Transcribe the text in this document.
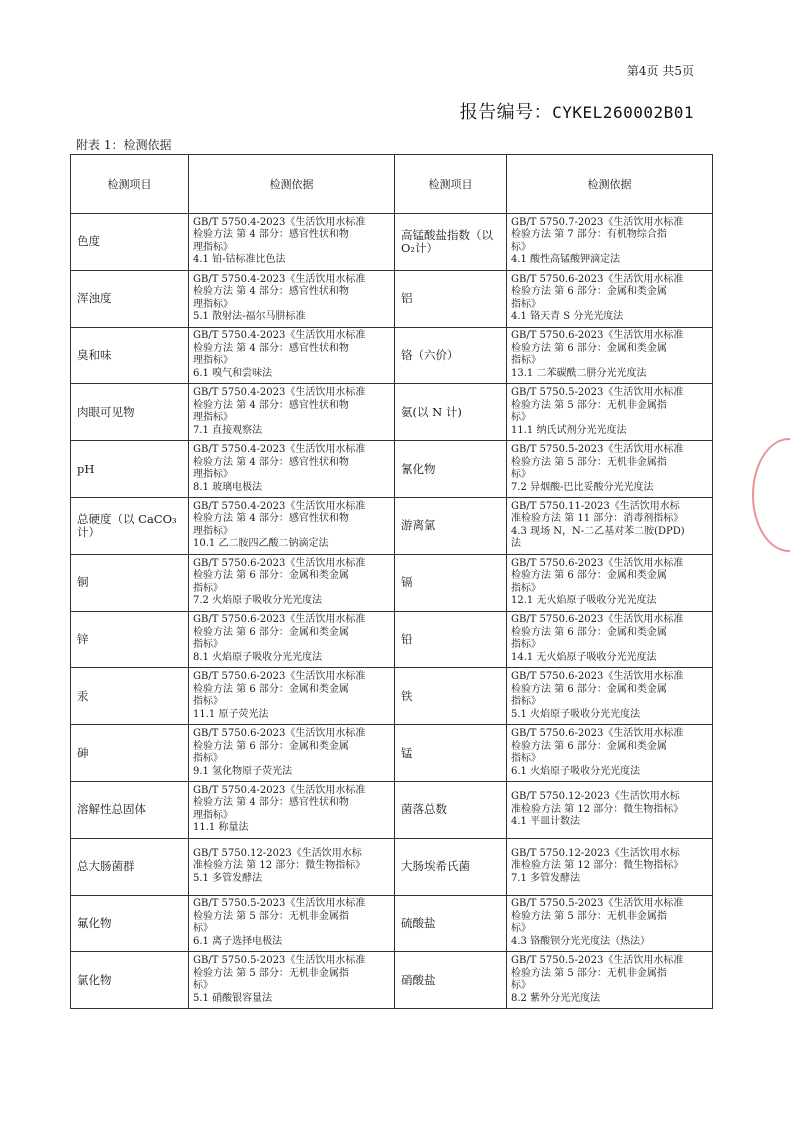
第4页 共5页
报告编号：CYKEL260002B01
附表 1：检测依据
检测项目	检测依据	检测项目	检测依据
色度	GB/T 5750.4-2023《生活饮用水标准
检验方法 第 4 部分：感官性状和物
理指标》
4.1 铂-钴标准比色法	高锰酸盐指数（以 O₂计）	GB/T 5750.7-2023《生活饮用水标准
检验方法 第 7 部分：有机物综合指
标》
4.1 酸性高锰酸钾滴定法

浑浊度	GB/T 5750.4-2023《生活饮用水标准
检验方法 第 4 部分：感官性状和物
理指标》
5.1 散射法-福尔马肼标准	铝	GB/T 5750.6-2023《生活饮用水标准
检验方法 第 6 部分：金属和类金属
指标》
4.1 铬天青 S 分光光度法

臭和味	GB/T 5750.4-2023《生活饮用水标准
检验方法 第 4 部分：感官性状和物
理指标》
6.1 嗅气和尝味法	铬（六价）	GB/T 5750.6-2023《生活饮用水标准
检验方法 第 6 部分：金属和类金属
指标》
13.1 二苯碳酰二肼分光光度法

肉眼可见物	GB/T 5750.4-2023《生活饮用水标准
检验方法 第 4 部分：感官性状和物
理指标》
7.1 直接观察法	氨(以 N 计)	GB/T 5750.5-2023《生活饮用水标准
检验方法 第 5 部分：无机非金属指
标》
11.1 纳氏试剂分光光度法

pH	GB/T 5750.4-2023《生活饮用水标准
检验方法 第 4 部分：感官性状和物
理指标》
8.1 玻璃电极法	氰化物	GB/T 5750.5-2023《生活饮用水标准
检验方法 第 5 部分：无机非金属指
标》
7.2 异烟酸-巴比妥酸分光光度法

总硬度（以 CaCO₃计）	GB/T 5750.4-2023《生活饮用水标准
检验方法 第 4 部分：感官性状和物
理指标》
10.1 乙二胺四乙酸二钠滴定法	游离氯	GB/T 5750.11-2023《生活饮用水标
准检验方法 第 11 部分：消毒剂指标》
4.3 现场 N，N-二乙基对苯二胺(DPD)
法

铜	GB/T 5750.6-2023《生活饮用水标准
检验方法 第 6 部分：金属和类金属
指标》
7.2 火焰原子吸收分光光度法	镉	GB/T 5750.6-2023《生活饮用水标准
检验方法 第 6 部分：金属和类金属
指标》
12.1 无火焰原子吸收分光光度法

锌	GB/T 5750.6-2023《生活饮用水标准
检验方法 第 6 部分：金属和类金属
指标》
8.1 火焰原子吸收分光光度法	铅	GB/T 5750.6-2023《生活饮用水标准
检验方法 第 6 部分：金属和类金属
指标》
14.1 无火焰原子吸收分光光度法

汞	GB/T 5750.6-2023《生活饮用水标准
检验方法 第 6 部分：金属和类金属
指标》
11.1 原子荧光法	铁	GB/T 5750.6-2023《生活饮用水标准
检验方法 第 6 部分：金属和类金属
指标》
5.1 火焰原子吸收分光光度法

砷	GB/T 5750.6-2023《生活饮用水标准
检验方法 第 6 部分：金属和类金属
指标》
9.1 氢化物原子荧光法	锰	GB/T 5750.6-2023《生活饮用水标准
检验方法 第 6 部分：金属和类金属
指标》
6.1 火焰原子吸收分光光度法

溶解性总固体	GB/T 5750.4-2023《生活饮用水标准
检验方法 第 4 部分：感官性状和物
理指标》
11.1 称量法	菌落总数	GB/T 5750.12-2023《生活饮用水标
准检验方法 第 12 部分：微生物指标》
4.1 平皿计数法

总大肠菌群	GB/T 5750.12-2023《生活饮用水标
准检验方法 第 12 部分：微生物指标》
5.1 多管发酵法	大肠埃希氏菌	GB/T 5750.12-2023《生活饮用水标
准检验方法 第 12 部分：微生物指标》
7.1 多管发酵法

氟化物	GB/T 5750.5-2023《生活饮用水标准
检验方法 第 5 部分：无机非金属指
标》
6.1 离子选择电极法	硫酸盐	GB/T 5750.5-2023《生活饮用水标准
检验方法 第 5 部分：无机非金属指
标》
4.3 铬酸钡分光光度法（热法）

氯化物	GB/T 5750.5-2023《生活饮用水标准
检验方法 第 5 部分：无机非金属指
标》
5.1 硝酸银容量法	硝酸盐	GB/T 5750.5-2023《生活饮用水标准
检验方法 第 5 部分：无机非金属指
标》
8.2 紫外分光光度法
